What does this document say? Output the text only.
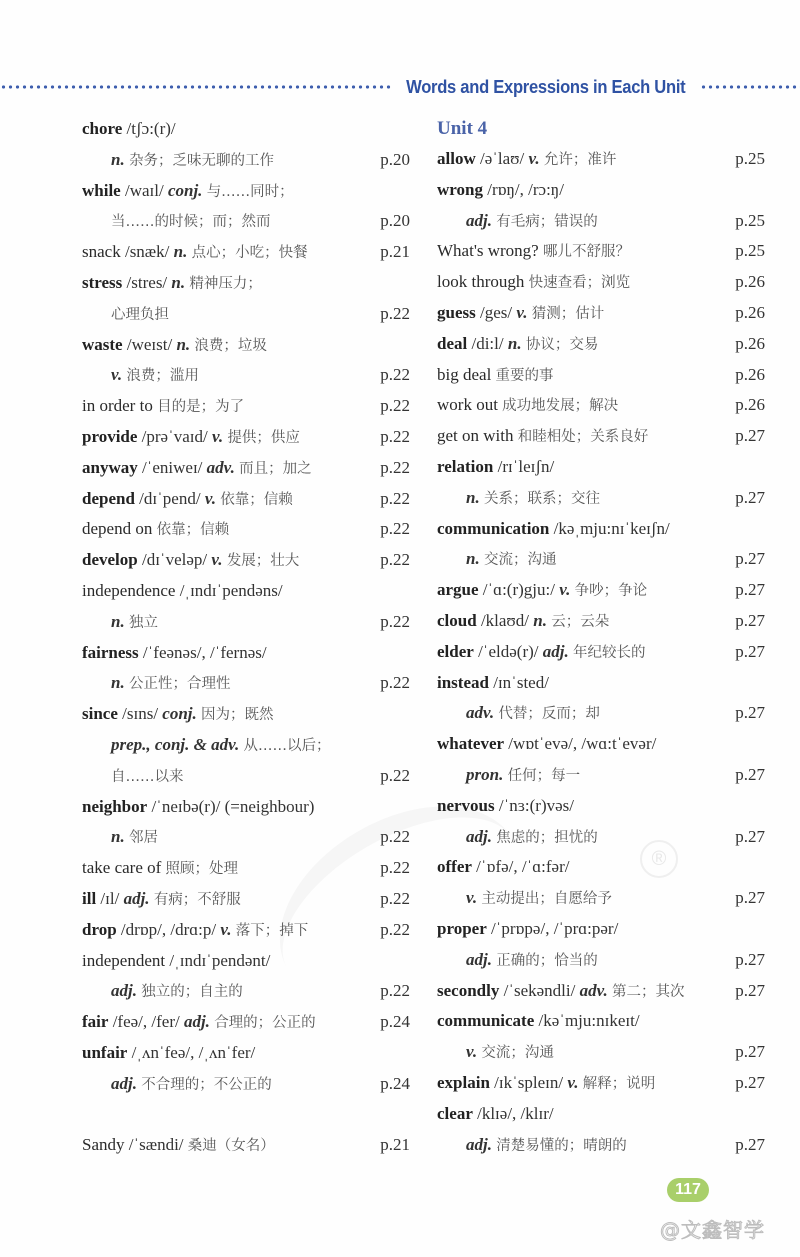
®
Words and Expressions in Each Unit
chore /tʃɔ:(r)/
n. 杂务；乏味无聊的工作	p.20
while /waɪl/ conj. 与……同时；
当……的时候；而；然而	p.20
snack /snæk/ n. 点心；小吃；快餐	p.21
stress /stres/ n. 精神压力；
心理负担	p.22
waste /weɪst/ n. 浪费；垃圾
v. 浪费；滥用	p.22
in order to 目的是；为了	p.22
provide /prəˈvaɪd/ v. 提供；供应	p.22
anyway /ˈeniweɪ/ adv. 而且；加之	p.22
depend /dɪˈpend/ v. 依靠；信赖	p.22
depend on 依靠；信赖	p.22
develop /dɪˈveləp/ v. 发展；壮大	p.22
independence /ˌɪndɪˈpendəns/
n. 独立	p.22
fairness /ˈfeənəs/, /ˈfernəs/
n. 公正性；合理性	p.22
since /sɪns/ conj. 因为；既然
prep., conj. & adv. 从……以后；
自……以来	p.22
neighbor /ˈneɪbə(r)/ (=neighbour)
n. 邻居	p.22
take care of 照顾；处理	p.22
ill /ɪl/ adj. 有病；不舒服	p.22
drop /drɒp/, /drɑ:p/ v. 落下；掉下	p.22
independent /ˌɪndɪˈpendənt/
adj. 独立的；自主的	p.22
fair /feə/, /fer/ adj. 合理的；公正的	p.24
unfair /ˌʌnˈfeə/, /ˌʌnˈfer/
adj. 不合理的；不公正的	p.24
Sandy /ˈsændi/ 桑迪（女名）	p.21
Unit 4
allow /əˈlaʊ/ v. 允许；准许	p.25
wrong /rɒŋ/, /rɔ:ŋ/
adj. 有毛病；错误的	p.25
What's wrong? 哪儿不舒服？	p.25
look through 快速查看；浏览	p.26
guess /ges/ v. 猜测；估计	p.26
deal /di:l/ n. 协议；交易	p.26
big deal 重要的事	p.26
work out 成功地发展；解决	p.26
get on with 和睦相处；关系良好	p.27
relation /rɪˈleɪʃn/
n. 关系；联系；交往	p.27
communication /kəˌmju:nɪˈkeɪʃn/
n. 交流；沟通	p.27
argue /ˈɑ:(r)gju:/ v. 争吵；争论	p.27
cloud /klaʊd/ n. 云；云朵	p.27
elder /ˈeldə(r)/ adj. 年纪较长的	p.27
instead /ɪnˈsted/
adv. 代替；反而；却	p.27
whatever /wɒtˈevə/, /wɑ:tˈevər/
pron. 任何；每一	p.27
nervous /ˈnɜ:(r)vəs/
adj. 焦虑的；担忧的	p.27
offer /ˈɒfə/, /ˈɑ:fər/
v. 主动提出；自愿给予	p.27
proper /ˈprɒpə/, /ˈprɑ:pər/
adj. 正确的；恰当的	p.27
secondly /ˈsekəndli/ adv. 第二；其次	p.27
communicate /kəˈmju:nɪkeɪt/
v. 交流；沟通	p.27
explain /ɪkˈspleɪn/ v. 解释；说明	p.27
clear /klɪə/, /klɪr/
adj. 清楚易懂的；晴朗的	p.27
117
@文鑫智学
